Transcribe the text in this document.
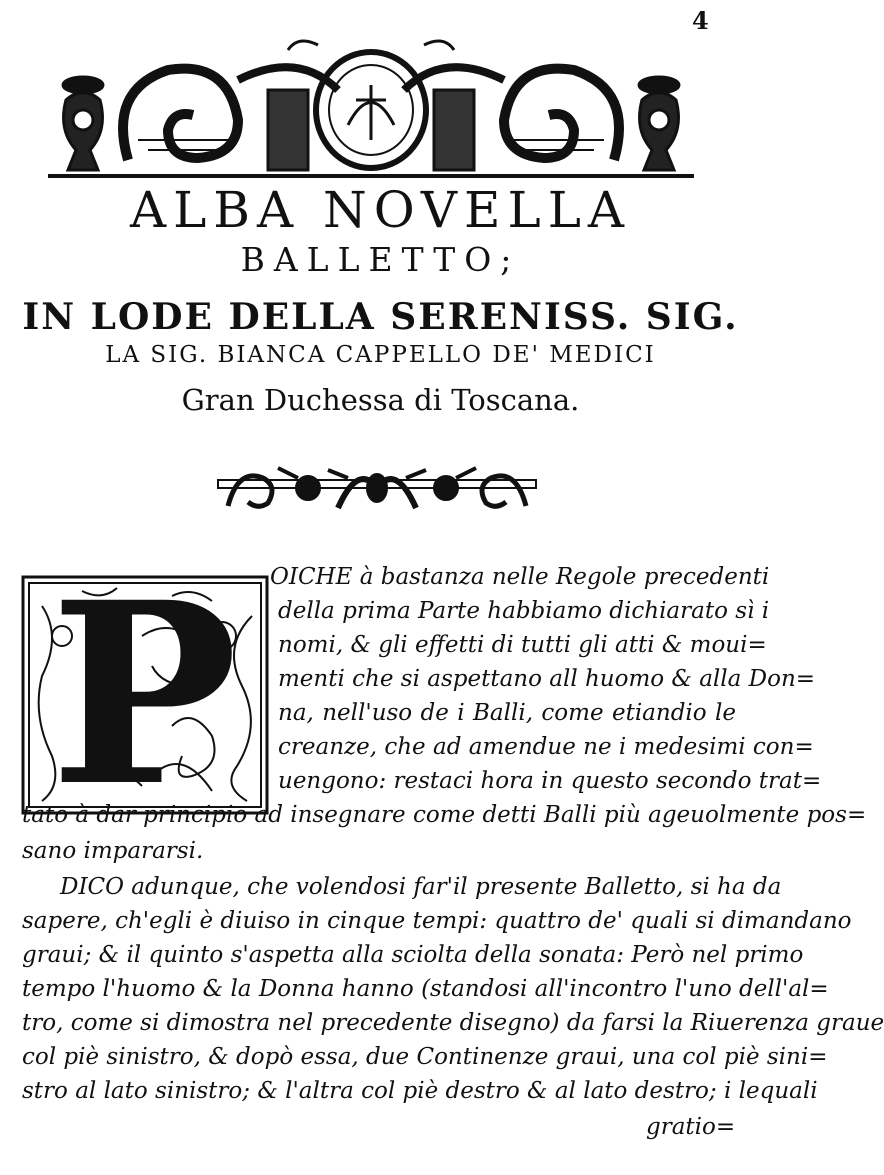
4
ALBA NOVELLA
BALLETTO;
IN LODE DELLA SERENISS. SIG.
LA SIG. BIANCA CAPPELLO DE' MEDICI
Gran Duchessa di Toscana.
P OICHE à bastanza nelle Regole precedenti
della prima Parte habbiamo dichiarato sì i
nomi, & gli effetti di tutti gli atti & moui=
menti che si aspettano all huomo & alla Don=
na, nell'uso de i Balli, come etiandio le
creanze, che ad amendue ne i medesimi con=
uengono: restaci hora in questo secondo trat=
tato à dar principio ad insegnare come detti Balli più ageuolmente pos=
sano impararsi.
DICO adunque, che volendosi far'il presente Balletto, si ha da
sapere, ch'egli è diuiso in cinque tempi: quattro de' quali si dimandano
graui; & il quinto s'aspetta alla sciolta della sonata: Però nel primo
tempo l'huomo & la Donna hanno (standosi all'incontro l'uno dell'al=
tro, come si dimostra nel precedente disegno) da farsi la Riuerenza graue
col piè sinistro, & dopò essa, due Continenze graui, una col piè sini=
stro al lato sinistro; & l'altra col piè destro & al lato destro; i lequali
gratio=
